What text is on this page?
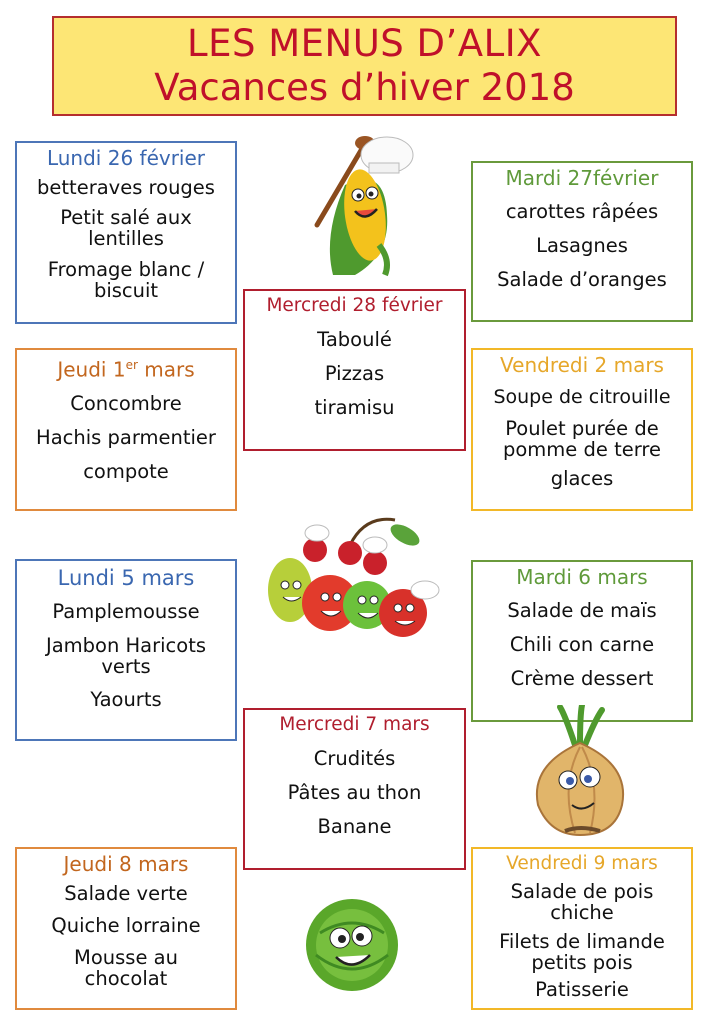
LES MENUS D’ALIX
Vacances d’hiver 2018
Lundi 26 février
betteraves rouges
Petit salé aux lentilles
Fromage blanc / biscuit
Mardi 27février
carottes râpées
Lasagnes
Salade d’oranges
Mercredi 28 février
Taboulé
Pizzas
tiramisu
Jeudi 1er mars
Concombre
Hachis parmentier
compote
Vendredi 2 mars
Soupe de citrouille
Poulet purée de pomme de terre
glaces
Lundi 5 mars
Pamplemousse
Jambon Haricots verts
Yaourts
Mardi 6 mars
Salade de maïs
Chili con carne
Crème dessert
Mercredi 7 mars
Crudités
Pâtes au thon
Banane
Jeudi 8 mars
Salade verte
Quiche lorraine
Mousse au chocolat
Vendredi 9 mars
Salade de pois chiche
Filets de limande petits pois
Patisserie
